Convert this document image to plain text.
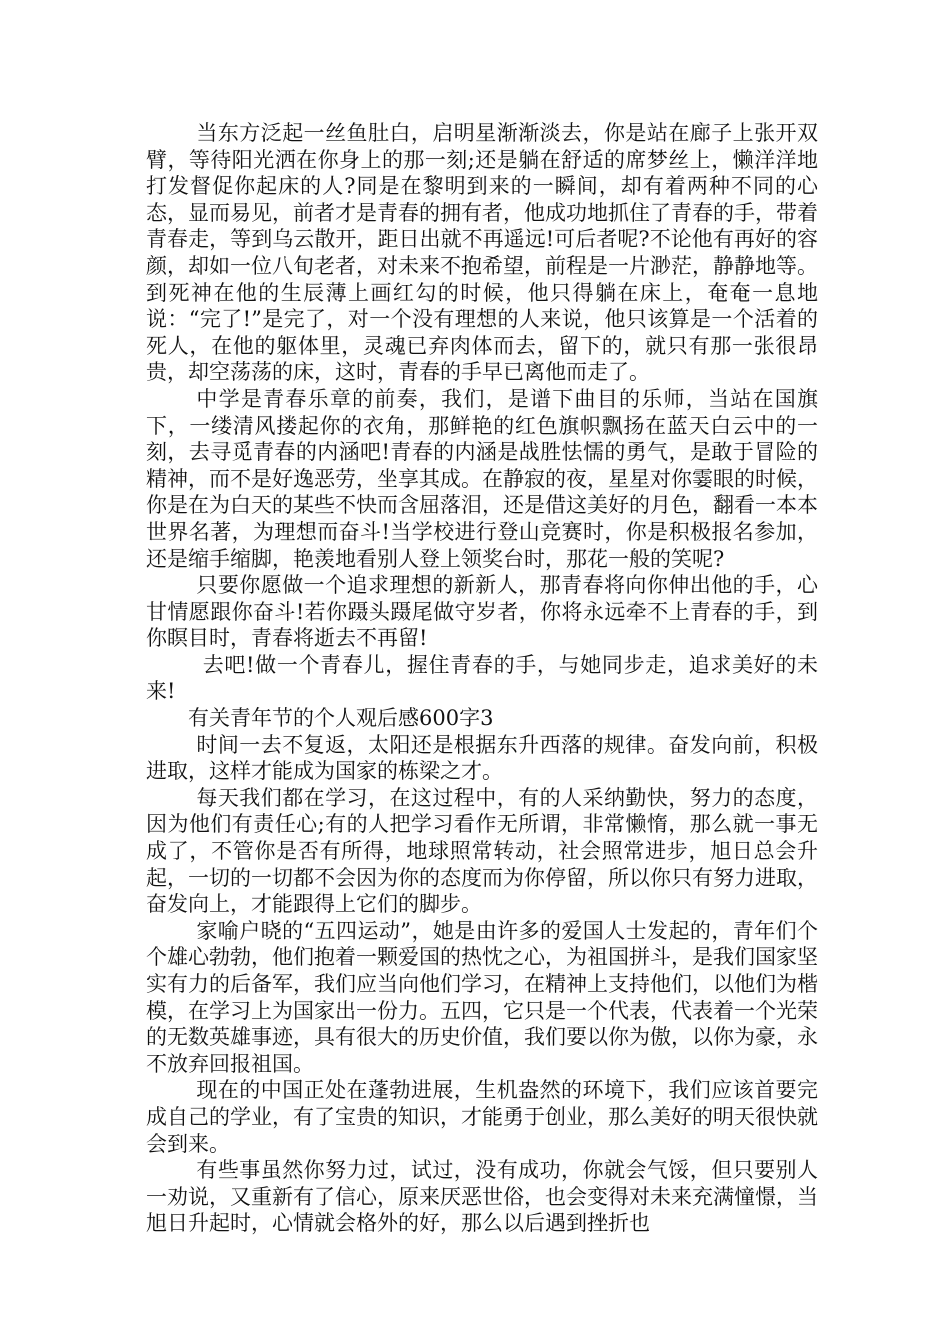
当东方泛起一丝鱼肚白，启明星渐渐淡去，你是站在廊子上张开双臂，等待阳光洒在你身上的那一刻;还是躺在舒适的席梦丝上，懒洋洋地打发督促你起床的人?同是在黎明到来的一瞬间，却有着两种不同的心态，显而易见，前者才是青春的拥有者，他成功地抓住了青春的手，带着青春走，等到乌云散开，距日出就不再遥远!可后者呢?不论他有再好的容颜，却如一位八旬老者，对未来不抱希望，前程是一片渺茫，静静地等。到死神在他的生辰薄上画红勾的时候，他只得躺在床上，奄奄一息地说：“完了!”是完了，对一个没有理想的人来说，他只该算是一个活着的死人，在他的躯体里，灵魂已弃肉体而去，留下的，就只有那一张很昂贵，却空荡荡的床，这时，青春的手早已离他而走了。

中学是青春乐章的前奏，我们，是谱下曲目的乐师，当站在国旗下，一缕清风搂起你的衣角，那鲜艳的红色旗帜飘扬在蓝天白云中的一刻，去寻觅青春的内涵吧!青春的内涵是战胜怯懦的勇气，是敢于冒险的精神，而不是好逸恶劳，坐享其成。在静寂的夜，星星对你霎眼的时候，你是在为白天的某些不快而含屈落泪，还是借这美好的月色，翻看一本本世界名著，为理想而奋斗!当学校进行登山竞赛时，你是积极报名参加，还是缩手缩脚，艳羡地看别人登上领奖台时，那花一般的笑呢?

只要你愿做一个追求理想的新新人，那青春将向你伸出他的手，心甘情愿跟你奋斗!若你蹑头蹑尾做守岁者，你将永远牵不上青春的手，到你瞑目时，青春将逝去不再留!

去吧!做一个青春儿，握住青春的手，与她同步走，追求美好的未来!

有关青年节的个人观后感600字3

时间一去不复返，太阳还是根据东升西落的规律。奋发向前，积极进取，这样才能成为国家的栋梁之才。

每天我们都在学习，在这过程中，有的人采纳勤快，努力的态度，因为他们有责任心;有的人把学习看作无所谓，非常懒惰，那么就一事无成了，不管你是否有所得，地球照常转动，社会照常进步，旭日总会升起，一切的一切都不会因为你的态度而为你停留，所以你只有努力进取，奋发向上，才能跟得上它们的脚步。

家喻户晓的“五四运动”，她是由许多的爱国人士发起的，青年们个个雄心勃勃，他们抱着一颗爱国的热忱之心，为祖国拼斗，是我们国家坚实有力的后备军，我们应当向他们学习，在精神上支持他们，以他们为楷模，在学习上为国家出一份力。五四，它只是一个代表，代表着一个光荣的无数英雄事迹，具有很大的历史价值，我们要以你为傲，以你为豪，永不放弃回报祖国。

现在的中国正处在蓬勃进展，生机盎然的环境下，我们应该首要完成自己的学业，有了宝贵的知识，才能勇于创业，那么美好的明天很快就会到来。

有些事虽然你努力过，试过，没有成功，你就会气馁，但只要别人一劝说，又重新有了信心，原来厌恶世俗，也会变得对未来充满憧憬，当旭日升起时，心情就会格外的好，那么以后遇到挫折也
